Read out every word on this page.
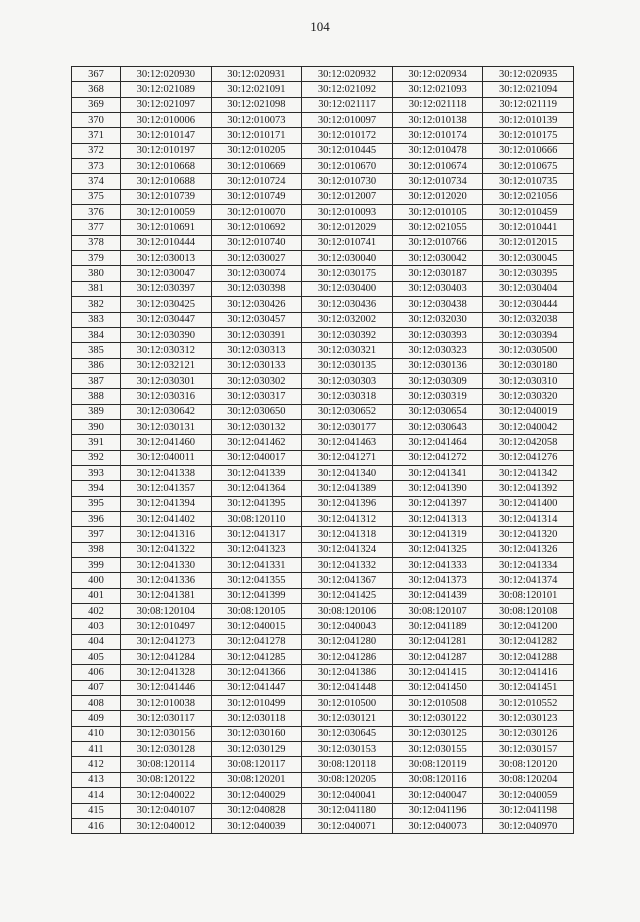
104
367	30:12:020930	30:12:020931	30:12:020932	30:12:020934	30:12:020935
368	30:12:021089	30:12:021091	30:12:021092	30:12:021093	30:12:021094
369	30:12:021097	30:12:021098	30:12:021117	30:12:021118	30:12:021119
370	30:12:010006	30:12:010073	30:12:010097	30:12:010138	30:12:010139
371	30:12:010147	30:12:010171	30:12:010172	30:12:010174	30:12:010175
372	30:12:010197	30:12:010205	30:12:010445	30:12:010478	30:12:010666
373	30:12:010668	30:12:010669	30:12:010670	30:12:010674	30:12:010675
374	30:12:010688	30:12:010724	30:12:010730	30:12:010734	30:12:010735
375	30:12:010739	30:12:010749	30:12:012007	30:12:012020	30:12:021056
376	30:12:010059	30:12:010070	30:12:010093	30:12:010105	30:12:010459
377	30:12:010691	30:12:010692	30:12:012029	30:12:021055	30:12:010441
378	30:12:010444	30:12:010740	30:12:010741	30:12:010766	30:12:012015
379	30:12:030013	30:12:030027	30:12:030040	30:12:030042	30:12:030045
380	30:12:030047	30:12:030074	30:12:030175	30:12:030187	30:12:030395
381	30:12:030397	30:12:030398	30:12:030400	30:12:030403	30:12:030404
382	30:12:030425	30:12:030426	30:12:030436	30:12:030438	30:12:030444
383	30:12:030447	30:12:030457	30:12:032002	30:12:032030	30:12:032038
384	30:12:030390	30:12:030391	30:12:030392	30:12:030393	30:12:030394
385	30:12:030312	30:12:030313	30:12:030321	30:12:030323	30:12:030500
386	30:12:032121	30:12:030133	30:12:030135	30:12:030136	30:12:030180
387	30:12:030301	30:12:030302	30:12:030303	30:12:030309	30:12:030310
388	30:12:030316	30:12:030317	30:12:030318	30:12:030319	30:12:030320
389	30:12:030642	30:12:030650	30:12:030652	30:12:030654	30:12:040019
390	30:12:030131	30:12:030132	30:12:030177	30:12:030643	30:12:040042
391	30:12:041460	30:12:041462	30:12:041463	30:12:041464	30:12:042058
392	30:12:040011	30:12:040017	30:12:041271	30:12:041272	30:12:041276
393	30:12:041338	30:12:041339	30:12:041340	30:12:041341	30:12:041342
394	30:12:041357	30:12:041364	30:12:041389	30:12:041390	30:12:041392
395	30:12:041394	30:12:041395	30:12:041396	30:12:041397	30:12:041400
396	30:12:041402	30:08:120110	30:12:041312	30:12:041313	30:12:041314
397	30:12:041316	30:12:041317	30:12:041318	30:12:041319	30:12:041320
398	30:12:041322	30:12:041323	30:12:041324	30:12:041325	30:12:041326
399	30:12:041330	30:12:041331	30:12:041332	30:12:041333	30:12:041334
400	30:12:041336	30:12:041355	30:12:041367	30:12:041373	30:12:041374
401	30:12:041381	30:12:041399	30:12:041425	30:12:041439	30:08:120101
402	30:08:120104	30:08:120105	30:08:120106	30:08:120107	30:08:120108
403	30:12:010497	30:12:040015	30:12:040043	30:12:041189	30:12:041200
404	30:12:041273	30:12:041278	30:12:041280	30:12:041281	30:12:041282
405	30:12:041284	30:12:041285	30:12:041286	30:12:041287	30:12:041288
406	30:12:041328	30:12:041366	30:12:041386	30:12:041415	30:12:041416
407	30:12:041446	30:12:041447	30:12:041448	30:12:041450	30:12:041451
408	30:12:010038	30:12:010499	30:12:010500	30:12:010508	30:12:010552
409	30:12:030117	30:12:030118	30:12:030121	30:12:030122	30:12:030123
410	30:12:030156	30:12:030160	30:12:030645	30:12:030125	30:12:030126
411	30:12:030128	30:12:030129	30:12:030153	30:12:030155	30:12:030157
412	30:08:120114	30:08:120117	30:08:120118	30:08:120119	30:08:120120
413	30:08:120122	30:08:120201	30:08:120205	30:08:120116	30:08:120204
414	30:12:040022	30:12:040029	30:12:040041	30:12:040047	30:12:040059
415	30:12:040107	30:12:040828	30:12:041180	30:12:041196	30:12:041198
416	30:12:040012	30:12:040039	30:12:040071	30:12:040073	30:12:040970
